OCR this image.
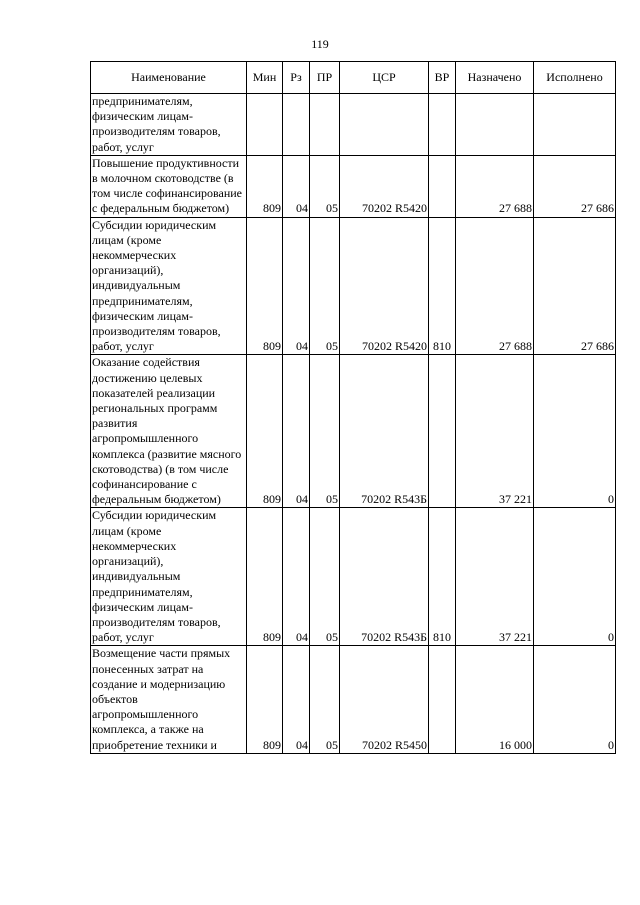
119
Наименование	Мин	Рз	ПР	ЦСР	ВР	Назначено	Исполнено
предпринимателям, физическим лицам-производителям товаров, работ, услуг							
Повышение продуктивности в молочном скотоводстве (в том числе софинансирование с федеральным бюджетом)	809	04	05	70202 R5420		27 688	27 686
Субсидии юридическим лицам (кроме некоммерческих организаций), индивидуальным предпринимателям, физическим лицам-производителям товаров, работ, услуг	809	04	05	70202 R5420	810	27 688	27 686
Оказание содействия достижению целевых показателей реализации региональных программ развития агропромышленного комплекса (развитие мясного скотоводства) (в том числе софинансирование с федеральным бюджетом)	809	04	05	70202 R543Б		37 221	0
Субсидии юридическим лицам (кроме некоммерческих организаций), индивидуальным предпринимателям, физическим лицам-производителям товаров, работ, услуг	809	04	05	70202 R543Б	810	37 221	0
Возмещение части прямых понесенных затрат на создание и модернизацию объектов агропромышленного комплекса, а также на приобретение техники и	809	04	05	70202 R5450		16 000	0
